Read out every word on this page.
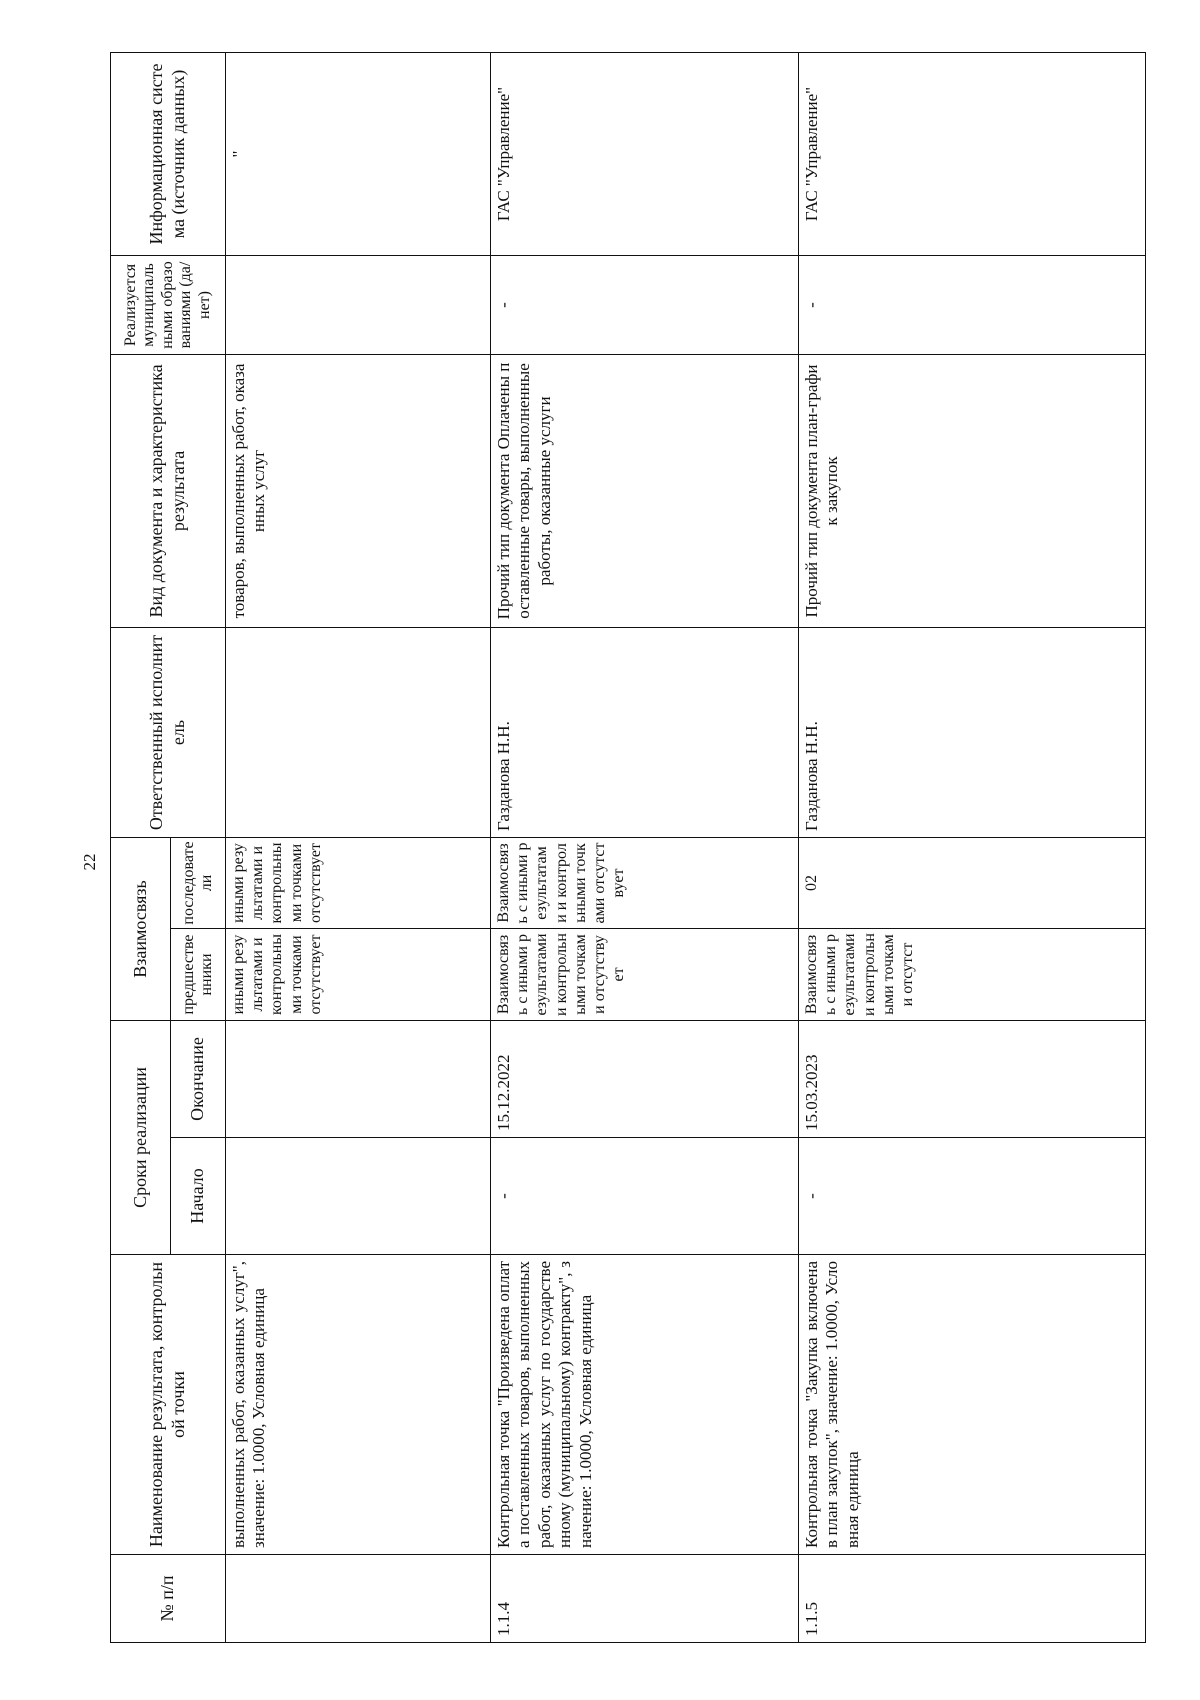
22
№ п/п	Наименование результата, контрольной точки	Сроки реализации		Взаимосвязь		Ответственный исполнитель	Вид документа и характеристика результата	Реализуется муниципальными образованиями (да/нет)	Информационная система (источник данных)
		Начало	Окончание	предшественники	последователи				
	выполненных работ, оказанных услуг", значение: 1.0000, Условная единица			иными результатами и контрольными точками отсутствует	иными результатами и контрольными точками отсутствует		товаров, выполненных работ, оказанных услуг		"
1.1.4	Контрольная точка "Произведена оплата поставленных товаров, выполненных работ, оказанных услуг по государственному (муниципальному) контракту", значение: 1.0000, Условная единица	-	15.12.2022	Взаимосвязь с иными результатами и контрольными точками отсутствует	Взаимосвязь с иными результатами и контрольными точками отсутствует	Газданова Н.Н.	Прочий тип документа Оплачены поставленные товары, выполненные работы, оказанные услуги	-	ГАС "Управление"
1.1.5	Контрольная точка "Закупка включена в план закупок", значение: 1.0000, Условная единица	-	15.03.2023	Взаимосвязь с иными результатами и контрольными точками отсутст	02	Газданова Н.Н.	Прочий тип документа план-график закупок	-	ГАС "Управление"
